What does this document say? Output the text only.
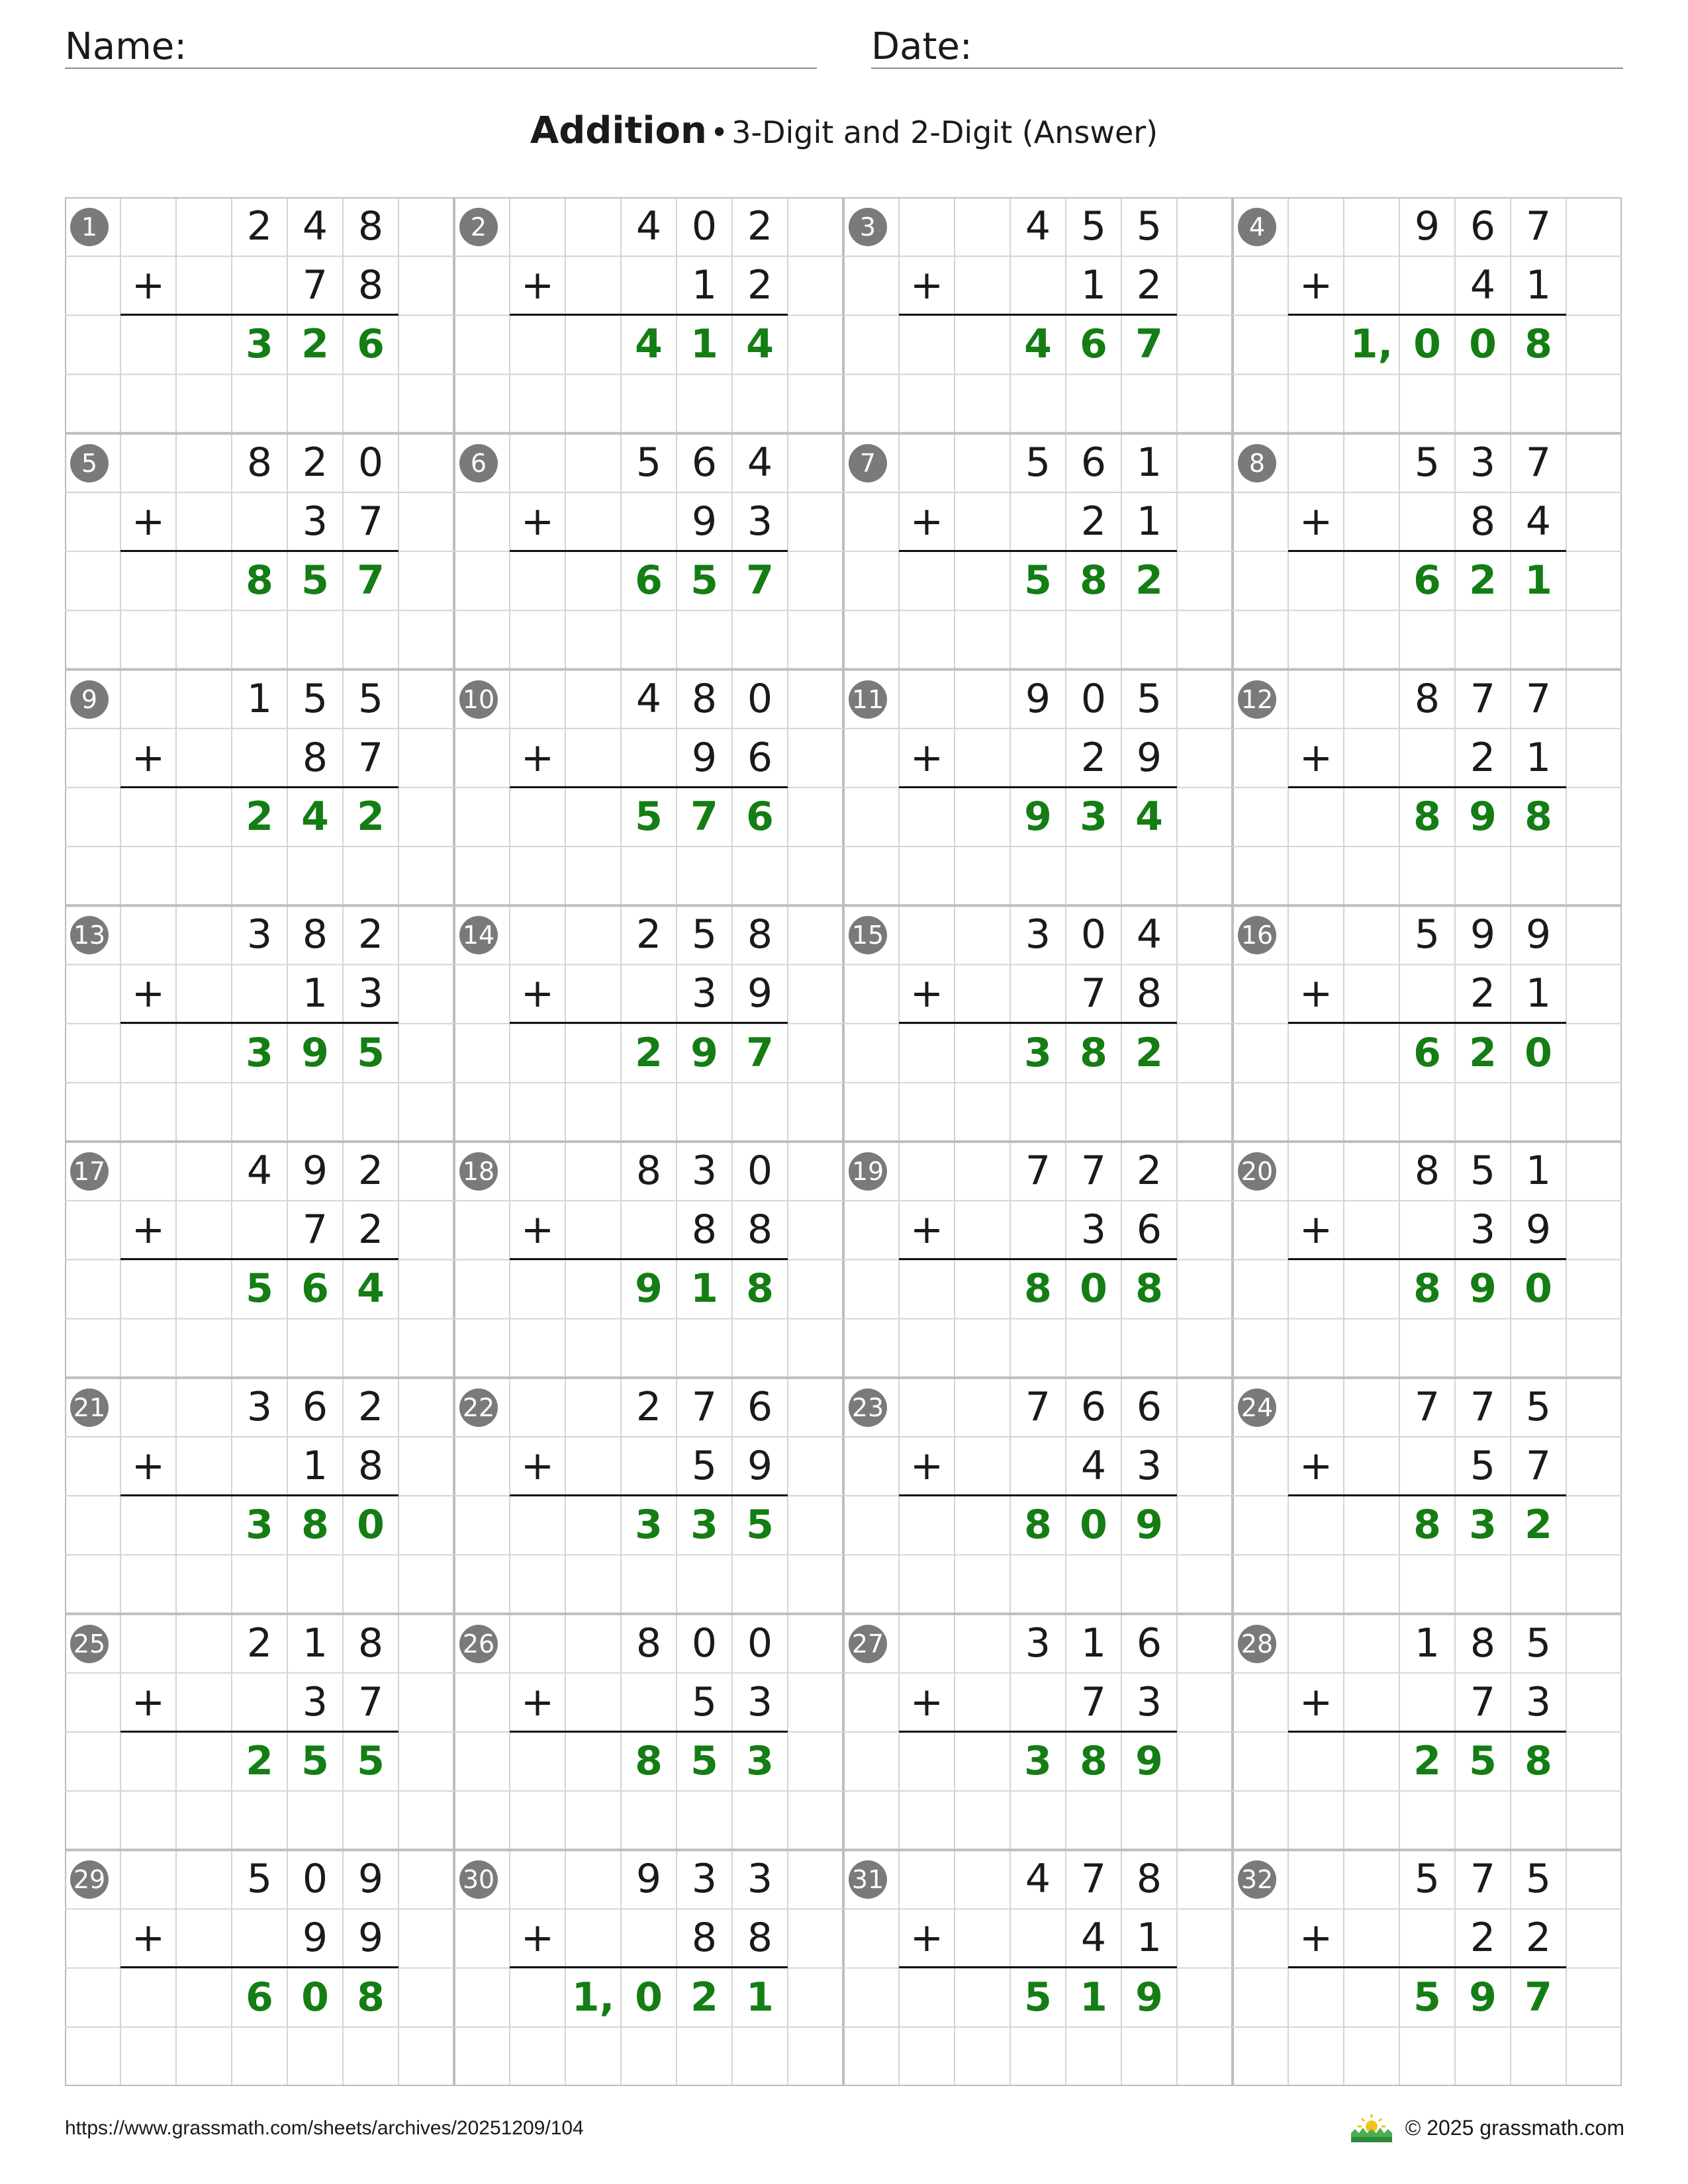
Name:	Date:
Addition • 3-Digit and 2-Digit (Answer)
1	2 4 8
+	7 8
3 2 6
2	4 0 2
+	1 2
4 1 4
3	4 5 5
+	1 2
4 6 7
4	9 6 7
+	4 1
1, 0 0 8
5	8 2 0
+	3 7
8 5 7
6	5 6 4
+	9 3
6 5 7
7	5 6 1
+	2 1
5 8 2
8	5 3 7
+	8 4
6 2 1
9	1 5 5
+	8 7
2 4 2
10	4 8 0
+	9 6
5 7 6
11	9 0 5
+	2 9
9 3 4
12	8 7 7
+	2 1
8 9 8
13	3 8 2
+	1 3
3 9 5
14	2 5 8
+	3 9
2 9 7
15	3 0 4
+	7 8
3 8 2
16	5 9 9
+	2 1
6 2 0
17	4 9 2
+	7 2
5 6 4
18	8 3 0
+	8 8
9 1 8
19	7 7 2
+	3 6
8 0 8
20	8 5 1
+	3 9
8 9 0
21	3 6 2
+	1 8
3 8 0
22	2 7 6
+	5 9
3 3 5
23	7 6 6
+	4 3
8 0 9
24	7 7 5
+	5 7
8 3 2
25	2 1 8
+	3 7
2 5 5
26	8 0 0
+	5 3
8 5 3
27	3 1 6
+	7 3
3 8 9
28	1 8 5
+	7 3
2 5 8
29	5 0 9
+	9 9
6 0 8
30	9 3 3
+	8 8
1, 0 2 1
31	4 7 8
+	4 1
5 1 9
32	5 7 5
+	2 2
5 9 7
https://www.grassmath.com/sheets/archives/20251209/104	© 2025 grassmath.com
